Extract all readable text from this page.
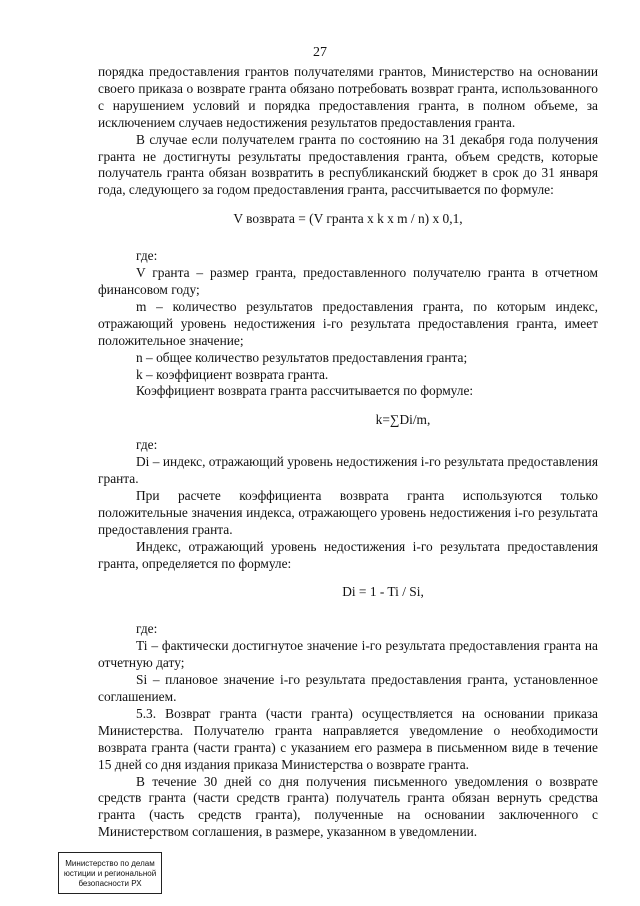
27

порядка предоставления грантов получателями грантов, Министерство на основании своего приказа о возврате гранта обязано потребовать возврат гранта, использованного с нарушением условий и порядка предоставления гранта, в полном объеме, за исключением случаев недостижения результатов предоставления гранта.

В случае если получателем гранта по состоянию на 31 декабря года получения гранта не достигнуты результаты предоставления гранта, объем средств, которые получатель гранта обязан возвратить в республиканский бюджет в срок до 31 января года, следующего за годом предоставления гранта, рассчитывается по формуле:

V возврата = (V гранта x k x m / n) x 0,1,

где:

V гранта – размер гранта, предоставленного получателю гранта в отчетном финансовом году;

m – количество результатов предоставления гранта, по которым индекс, отражающий уровень недостижения i-го результата предоставления гранта, имеет положительное значение;

n – общее количество результатов предоставления гранта;

k – коэффициент возврата гранта.

Коэффициент возврата гранта рассчитывается по формуле:

k=∑Di/m,

где:

Di – индекс, отражающий уровень недостижения i-го результата предоставления гранта.

При расчете коэффициента возврата гранта используются только положительные значения индекса, отражающего уровень недостижения i-го результата предоставления гранта.

Индекс, отражающий уровень недостижения i-го результата предоставления гранта, определяется по формуле:

Di = 1 - Ti / Si,

где:

Ti – фактически достигнутое значение i-го результата предоставления гранта на отчетную дату;

Si – плановое значение i-го результата предоставления гранта, установленное соглашением.

5.3. Возврат гранта (части гранта) осуществляется на основании приказа Министерства. Получателю гранта направляется уведомление о необходимости возврата гранта (части гранта) с указанием его размера в письменном виде в течение 15 дней со дня издания приказа Министерства о возврате гранта.

В течение 30 дней со дня получения письменного уведомления о возврате средств гранта (части средств гранта) получатель гранта обязан вернуть средства гранта (часть средств гранта), полученные на основании заключенного с Министерством соглашения, в размере, указанном в уведомлении.

Министерство по делам
юстиции и региональной
безопасности РХ
